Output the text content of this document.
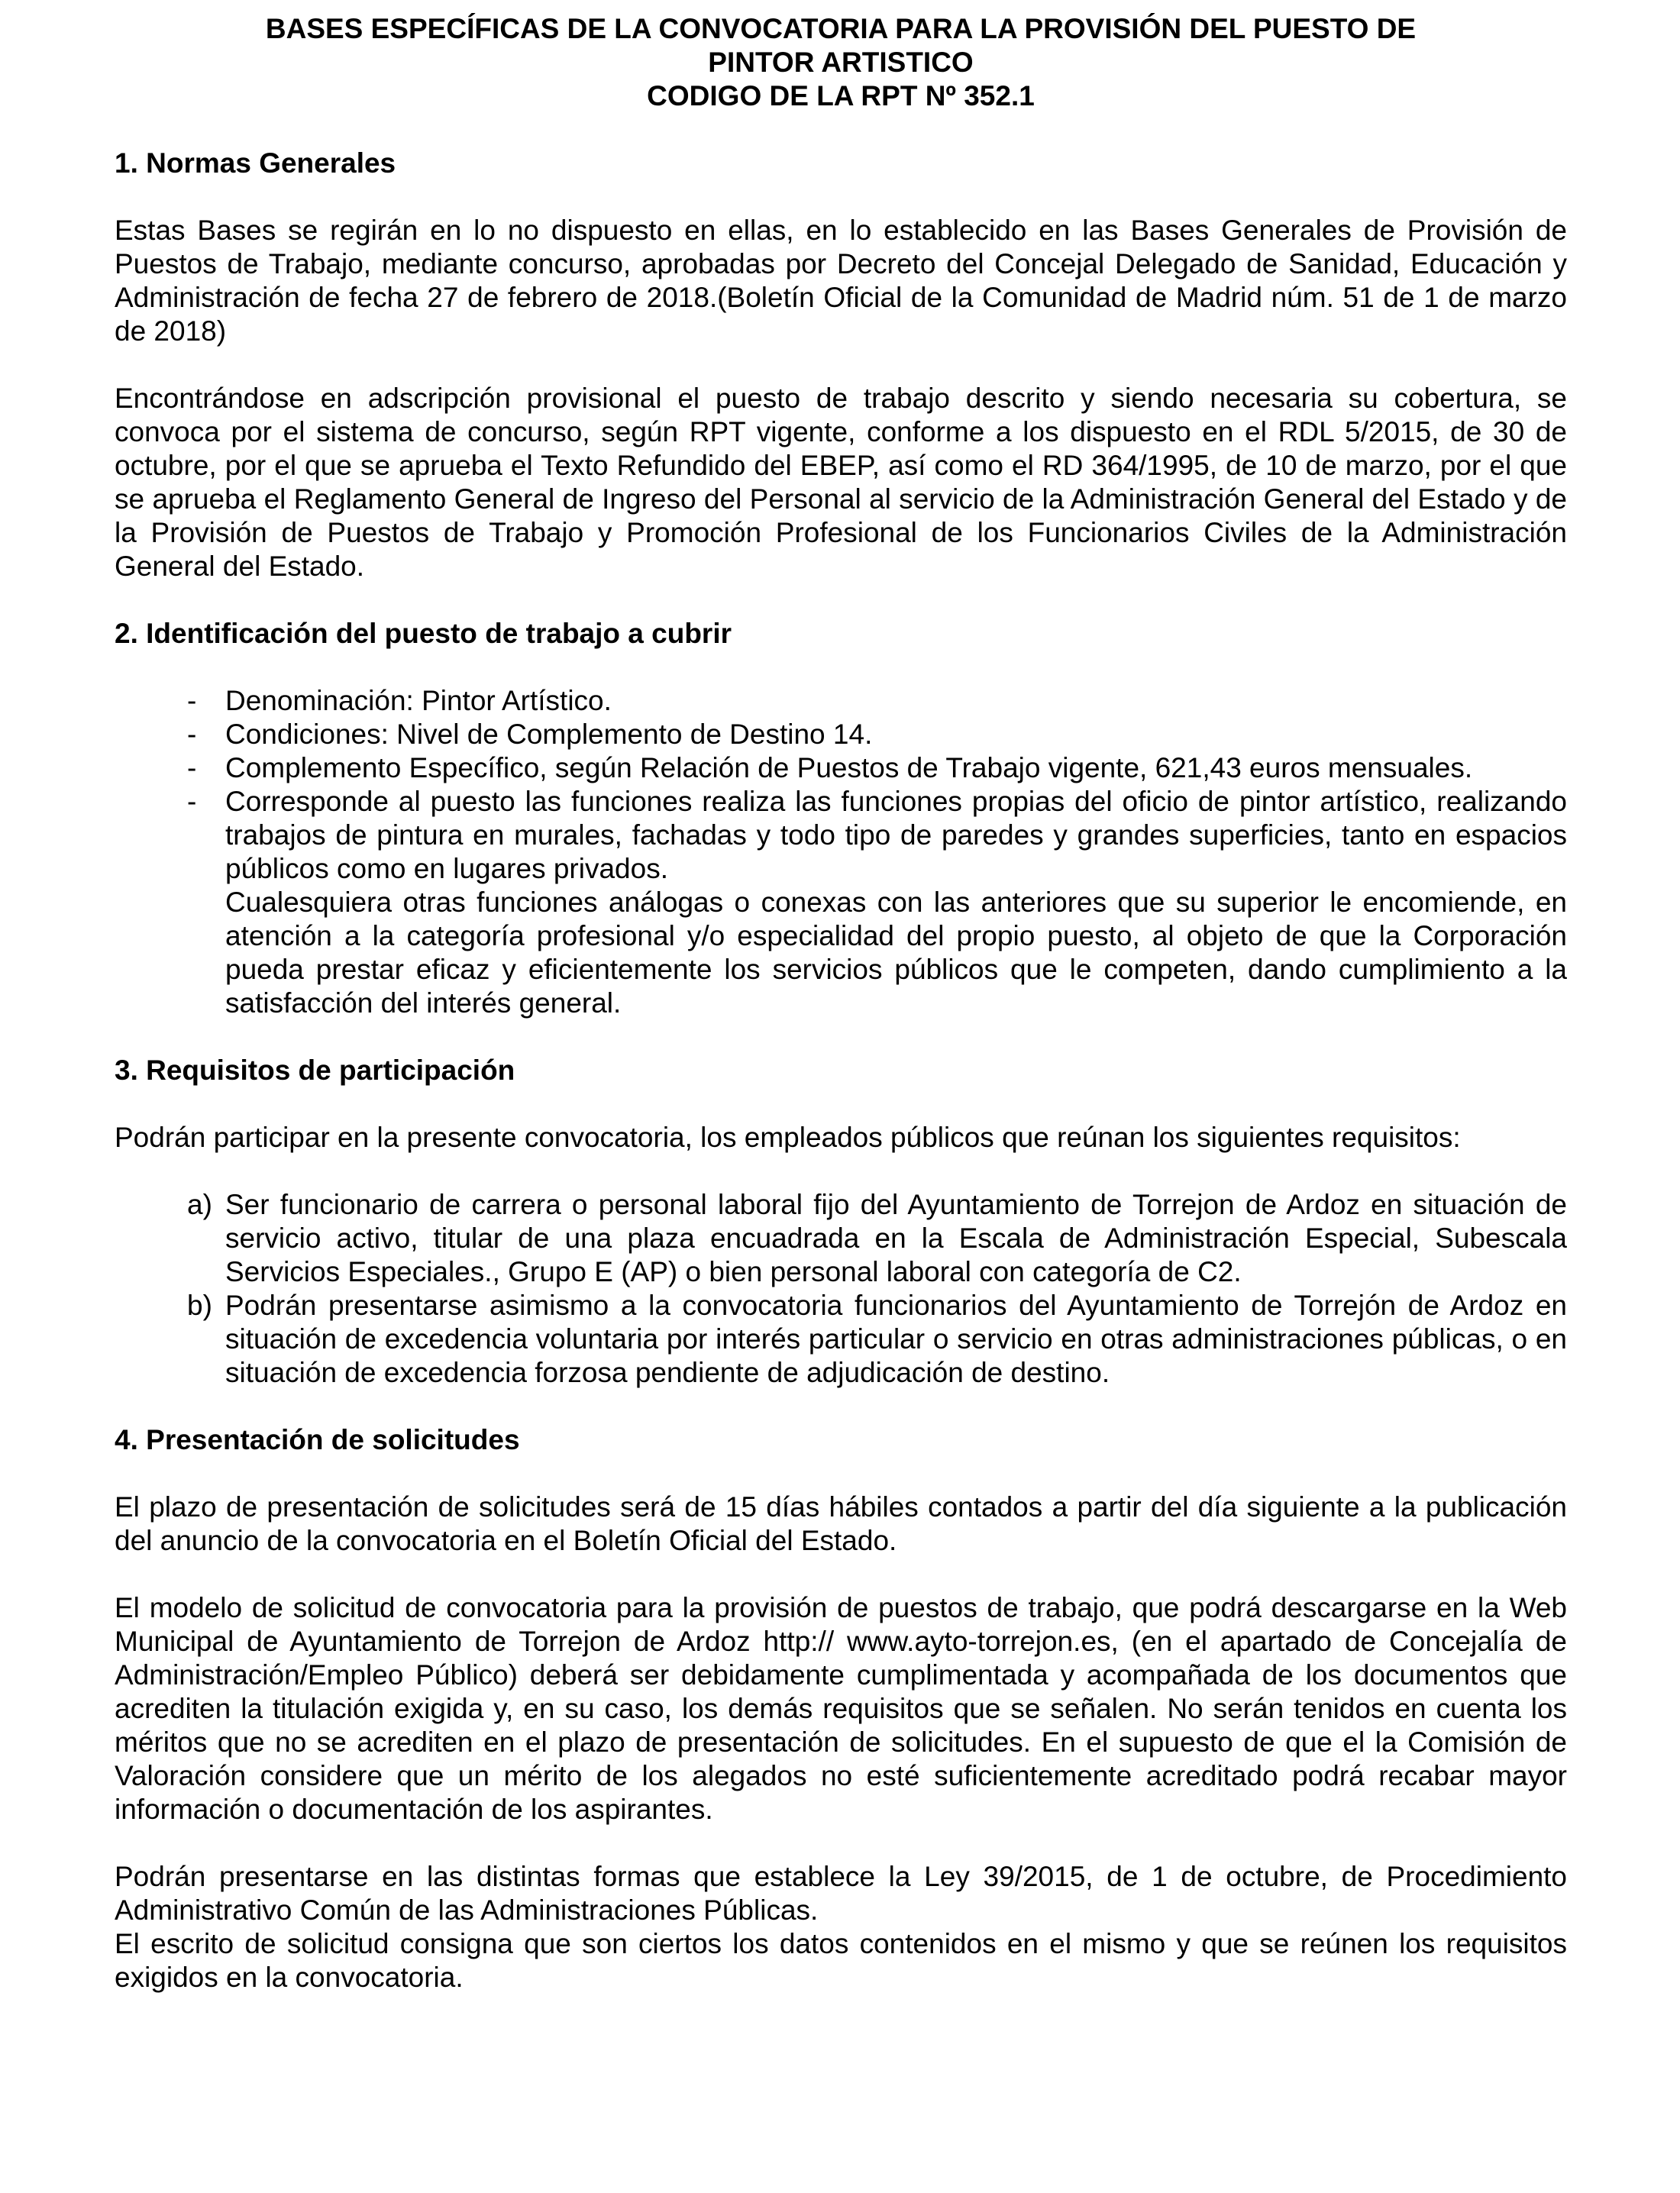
BASES ESPECÍFICAS DE LA CONVOCATORIA PARA LA PROVISIÓN DEL PUESTO DE
PINTOR ARTISTICO
CODIGO DE LA RPT Nº 352.1
1. Normas Generales

Estas Bases se regirán en lo no dispuesto en ellas, en lo establecido en las Bases Generales de Provisión de Puestos de Trabajo, mediante concurso, aprobadas por Decreto del Concejal Delegado de Sanidad, Educación y Administración de fecha 27 de febrero de 2018.(Boletín Oficial de la Comunidad de Madrid núm. 51 de 1 de marzo de 2018)

Encontrándose en adscripción provisional el puesto de trabajo descrito y siendo necesaria su cobertura, se convoca por el sistema de concurso, según RPT vigente, conforme a los dispuesto en el RDL 5/2015, de 30 de octubre, por el que se aprueba el Texto Refundido del EBEP, así como el RD 364/1995, de 10 de marzo, por el que se aprueba el Reglamento General de Ingreso del Personal al servicio de la Administración General del Estado y de la Provisión de Puestos de Trabajo y Promoción Profesional de los Funcionarios Civiles de la Administración General del Estado.

2. Identificación del puesto de trabajo a cubrir
-	Denominación: Pintor Artístico.
-	Condiciones: Nivel de Complemento de Destino 14.
-	Complemento Específico, según Relación de Puestos de Trabajo vigente, 621,43 euros mensuales.
-	Corresponde al puesto las funciones realiza las funciones propias del oficio de pintor artístico, realizando trabajos de pintura en murales, fachadas y todo tipo de paredes y grandes superficies, tanto en espacios públicos como en lugares privados.
Cualesquiera otras funciones análogas o conexas con las anteriores que su superior le encomiende, en atención a la categoría profesional y/o especialidad del propio puesto, al objeto de que la Corporación pueda prestar eficaz y eficientemente los servicios públicos que le competen, dando cumplimiento a la satisfacción del interés general.
3. Requisitos de participación

Podrán participar en la presente convocatoria, los empleados públicos que reúnan los siguientes requisitos:

a) Ser funcionario de carrera o personal laboral fijo del Ayuntamiento de Torrejon de Ardoz en situación de servicio activo, titular de una plaza encuadrada en la Escala de Administración Especial, Subescala Servicios Especiales., Grupo E (AP) o bien personal laboral con categoría de C2.
b) Podrán presentarse asimismo a la convocatoria funcionarios del Ayuntamiento de Torrejón de Ardoz en situación de excedencia voluntaria por interés particular o servicio en otras administraciones públicas, o en situación de excedencia forzosa pendiente de adjudicación de destino.
4. Presentación de solicitudes

El plazo de presentación de solicitudes será de 15 días hábiles contados a partir del día siguiente a la publicación del anuncio de la convocatoria en el Boletín Oficial del Estado.

El modelo de solicitud de convocatoria para la provisión de puestos de trabajo, que podrá descargarse en la Web Municipal de Ayuntamiento de Torrejon de Ardoz http:// www.ayto-torrejon.es, (en el apartado de Concejalía de Administración/Empleo Público) deberá ser debidamente cumplimentada y acompañada de los documentos que acrediten la titulación exigida y, en su caso, los demás requisitos que se señalen. No serán tenidos en cuenta los méritos que no se acrediten en el plazo de presentación de solicitudes. En el supuesto de que el la Comisión de Valoración considere que un mérito de los alegados no esté suficientemente acreditado podrá recabar mayor información o documentación de los aspirantes.

Podrán presentarse en las distintas formas que establece la Ley 39/2015, de 1 de octubre, de Procedimiento Administrativo Común de las Administraciones Públicas.

El escrito de solicitud consigna que son ciertos los datos contenidos en el mismo y que se reúnen los requisitos exigidos en la convocatoria.
